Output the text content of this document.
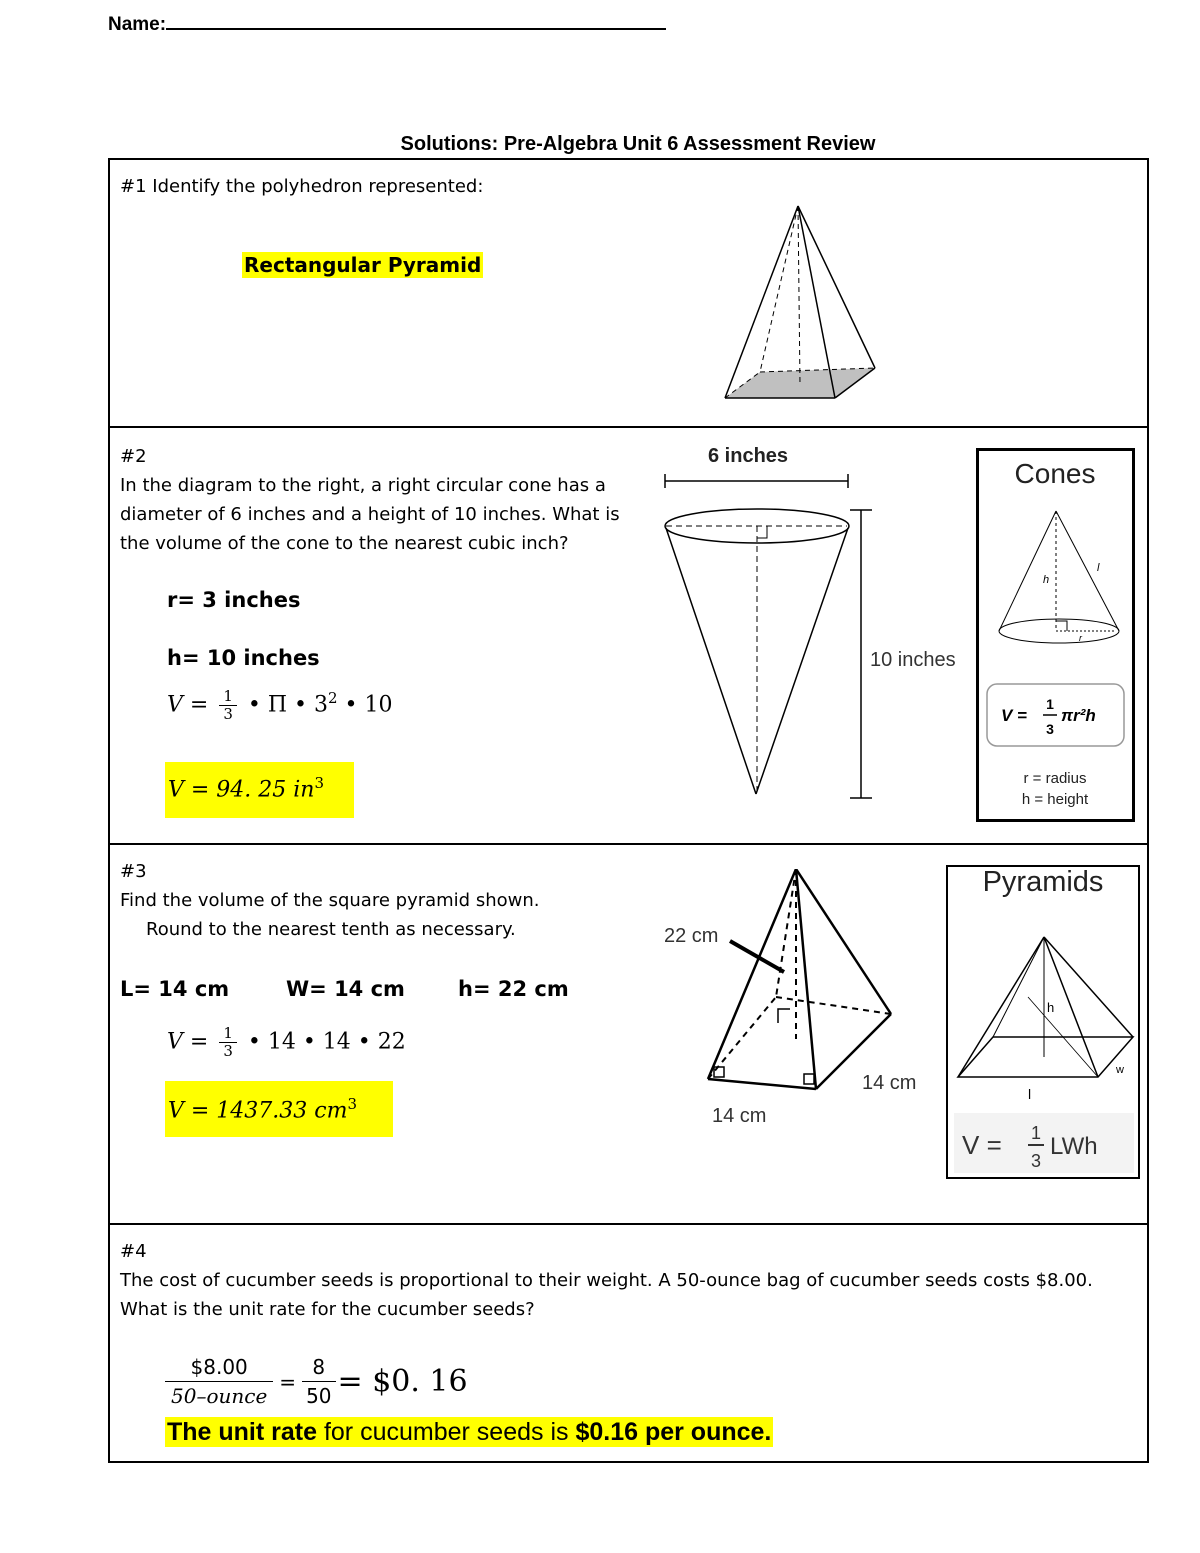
Name:
Solutions: Pre-Algebra Unit 6 Assessment Review
#1 Identify the polyhedron represented:
Rectangular Pyramid
#2
In the diagram to the right, a right circular cone has a diameter of 6 inches and a height of 10 inches. What is the volume of the cone to the nearest cubic inch?
r= 3 inches
h= 10 inches
$V = \frac{1}{3}$ • Π • $3^2$ • 10
V = 94. 25 $in^3$
6 inches
10 inches
Cones
h
l
r
V =
1
3
πr²h
r = radius
h = height
#3
Find the volume of the square pyramid shown.
Round to the nearest tenth as necessary.
L= 14 cm	W= 14 cm	h= 22 cm
$V = \frac{1}{3}$ • 14 • 14 • 22
V = 1437.33 $cm^3$
22 cm
14 cm
14 cm
Pyramids
h
w
l
V = 1
3
LWh
#4
The cost of cucumber seeds is proportional to their weight. A 50-ounce bag of cucumber seeds costs $8.00. What is the unit rate for the cucumber seeds?
$8.00
50–ounce
= $\frac{8}{50}$ = $0. 16
The unit rate for cucumber seeds is $0.16 per ounce.
